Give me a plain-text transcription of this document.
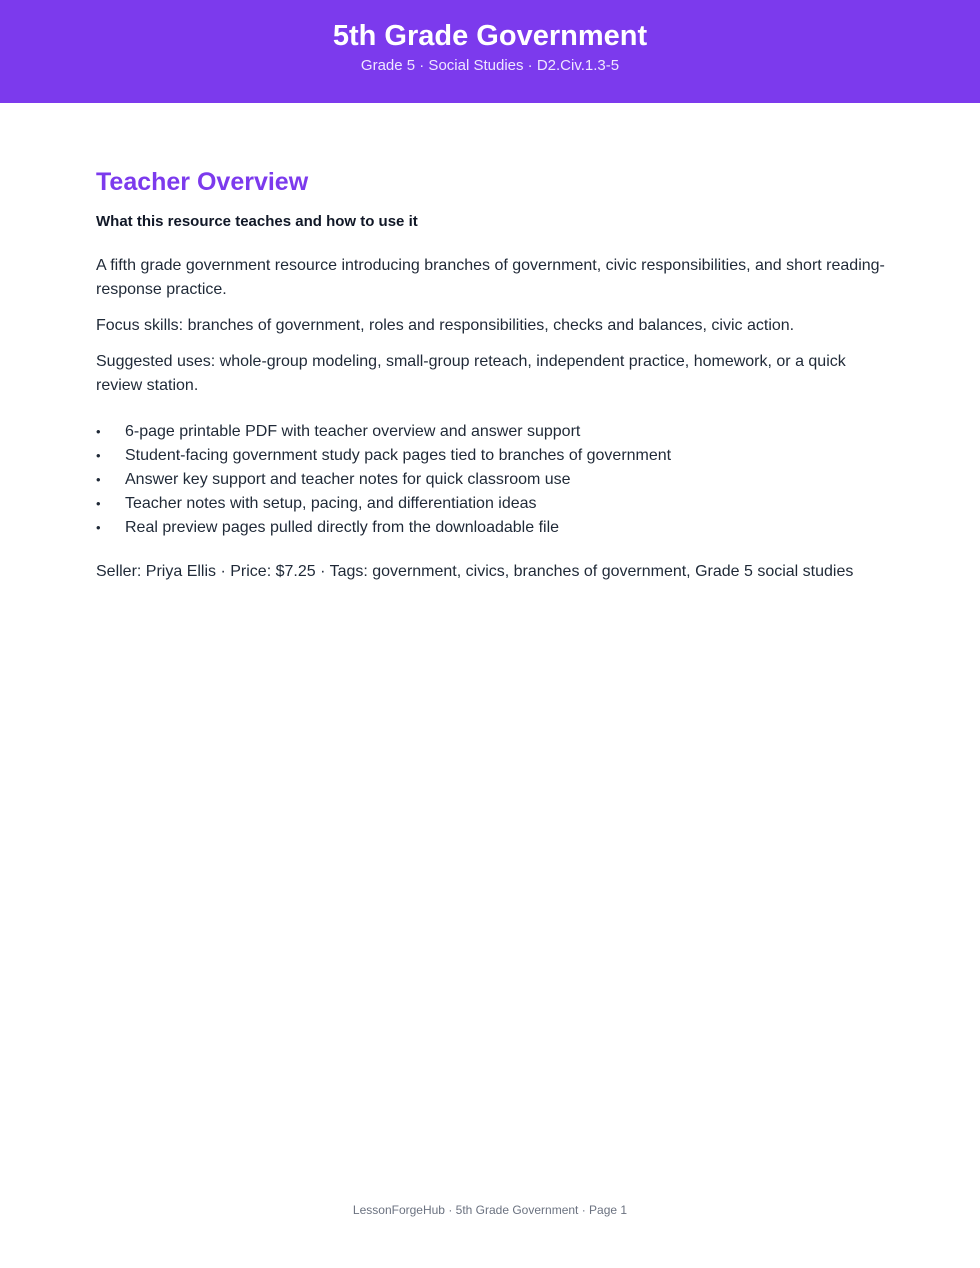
5th Grade Government
Grade 5 · Social Studies · D2.Civ.1.3-5
Teacher Overview
What this resource teaches and how to use it

A fifth grade government resource introducing branches of government, civic responsibilities, and short reading-response practice.

Focus skills: branches of government, roles and responsibilities, checks and balances, civic action.

Suggested uses: whole-group modeling, small-group reteach, independent practice, homework, or a quick review station.

• 6-page printable PDF with teacher overview and answer support
• Student-facing government study pack pages tied to branches of government
• Answer key support and teacher notes for quick classroom use
• Teacher notes with setup, pacing, and differentiation ideas
• Real preview pages pulled directly from the downloadable file

Seller: Priya Ellis · Price: $7.25 · Tags: government, civics, branches of government, Grade 5 social studies

LessonForgeHub · 5th Grade Government · Page 1
